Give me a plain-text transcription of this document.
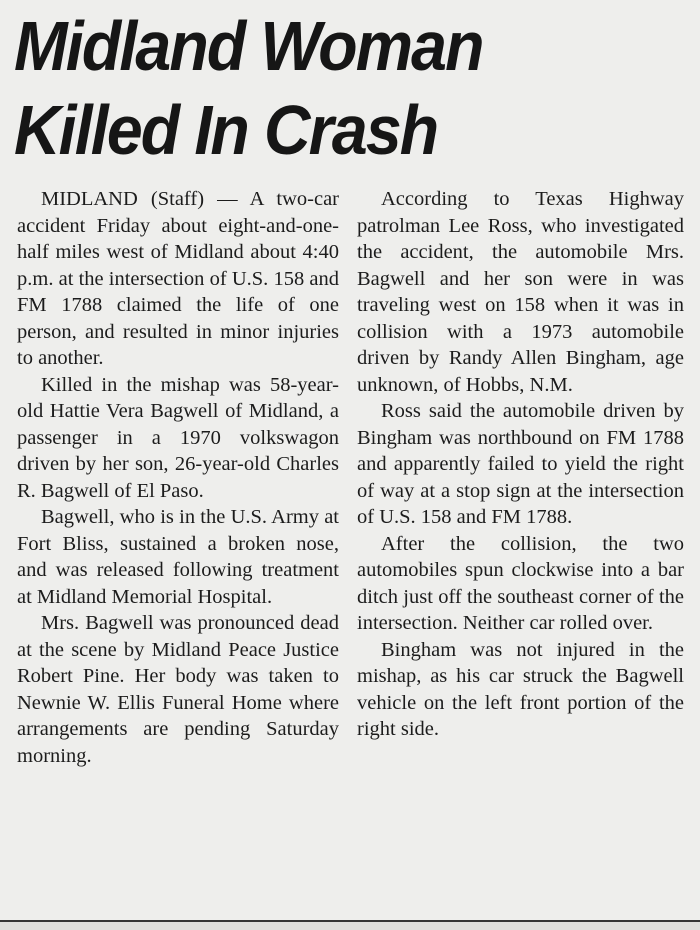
Midland Woman
Killed In Crash

MIDLAND (Staff) — A two-car accident Friday about eight-and-one-half miles west of Midland about 4:40 p.m. at the intersection of U.S. 158 and FM 1788 claimed the life of one person, and resulted in minor injuries to another.

Killed in the mishap was 58-year-old Hattie Vera Bagwell of Midland, a passenger in a 1970 volkswagon driven by her son, 26-year-old Charles R. Bagwell of El Paso.

Bagwell, who is in the U.S. Army at Fort Bliss, sustained a broken nose, and was released following treatment at Midland Memorial Hospital.

Mrs. Bagwell was pronounced dead at the scene by Midland Peace Justice Robert Pine. Her body was taken to Newnie W. Ellis Funeral Home where arrangements are pending Saturday morning.

According to Texas Highway patrolman Lee Ross, who investigated the accident, the automobile Mrs. Bagwell and her son were in was traveling west on 158 when it was in collision with a 1973 automobile driven by Randy Allen Bingham, age unknown, of Hobbs, N.M.

Ross said the automobile driven by Bingham was northbound on FM 1788 and apparently failed to yield the right of way at a stop sign at the intersection of U.S. 158 and FM 1788.

After the collision, the two automobiles spun clockwise into a bar ditch just off the southeast corner of the intersection. Neither car rolled over.

Bingham was not injured in the mishap, as his car struck the Bagwell vehicle on the left front portion of the right side.
